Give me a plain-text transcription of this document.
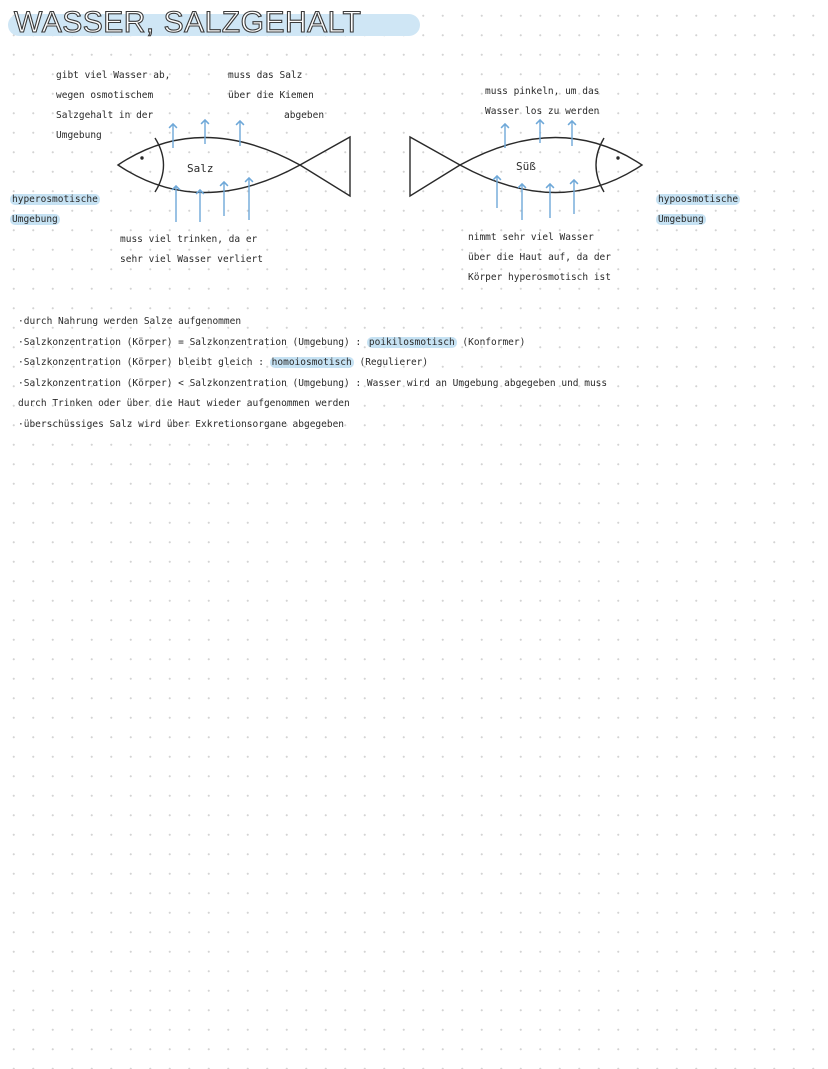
WASSER, SALZGEHALT
Salz	Süß
gibt viel Wasser ab,
wegen osmotischem
Salzgehalt in der
Umgebung
muss das Salz
über die Kiemen
abgeben
hyperosmotische
Umgebung
muss viel trinken, da er
sehr viel Wasser verliert
muss pinkeln, um das
Wasser los zu werden
hypoosmotische
Umgebung
nimmt sehr viel Wasser
über die Haut auf, da der
Körper hyperosmotisch ist
·durch Nahrung werden Salze aufgenommen
·Salzkonzentration (Körper) = Salzkonzentration (Umgebung) : poikilosmotisch (Konformer)
·Salzkonzentration (Körper) bleibt gleich : homoiosmotisch (Regulierer)
·Salzkonzentration (Körper) < Salzkonzentration (Umgebung) : Wasser wird an Umgebung abgegeben und muss
durch Trinken oder über die Haut wieder aufgenommen werden
·überschüssiges Salz wird über Exkretionsorgane abgegeben
